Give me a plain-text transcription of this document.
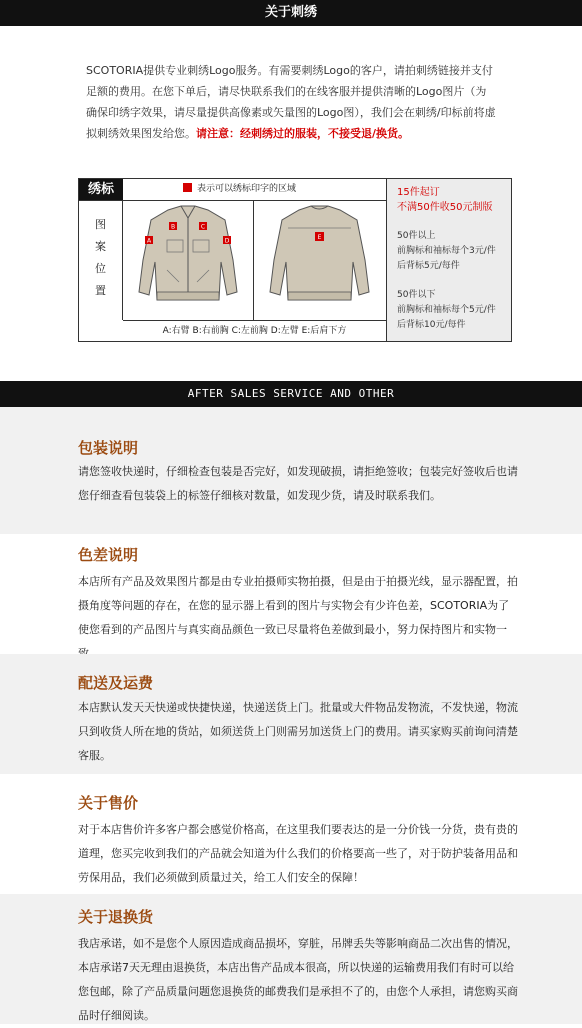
关于刺绣
SCOTORIA提供专业刺绣Logo服务。有需要刺绣Logo的客户，请拍刺绣链接并支付足额的费用。在您下单后，请尽快联系我们的在线客服并提供清晰的Logo图片（为确保印绣字效果，请尽量提供高像素或矢量图的Logo图），我们会在刺绣/印标前将虚拟刺绣效果图发给您。请注意：经刺绣过的服装，不接受退/换货。
绣标	表示可以绣标印字的区域
图
案
位
置
A
B	C
D	E
A:右臂 B:右前胸 C:左前胸 D:左臂 E:后肩下方
15件起订
不满50件收50元制版
50件以上
前胸标和袖标每个3元/件
后背标5元/每件
50件以下
前胸标和袖标每个5元/件
后背标10元/每件
AFTER SALES SERVICE AND OTHER
包装说明
请您签收快递时，仔细检查包装是否完好，如发现破损，请拒绝签收；包装完好签收后也请您仔细查看包装袋上的标签仔细核对数量，如发现少货，请及时联系我们。
色差说明
本店所有产品及效果图片都是由专业拍摄师实物拍摄，但是由于拍摄光线，显示器配置，拍摄角度等问题的存在，在您的显示器上看到的图片与实物会有少许色差，SCOTORIA为了使您看到的产品图片与真实商品颜色一致已尽量将色差做到最小，努力保持图片和实物一
配送及运费
本店默认发天天快递或快捷快递，快递送货上门。批量或大件物品发物流，不发快递，物流只到收货人所在地的货站，如须送货上门则需另加送货上门的费用。请买家购买前询问清楚客服。
关于售价
对于本店售价许多客户都会感觉价格高，在这里我们要表达的是一分价钱一分货，贵有贵的道理，您买完收到我们的产品就会知道为什么我们的价格要高一些了，对于防护装备用品和劳保用品，我们必须做到质量过关，给工人们安全的保障！
关于退换货
我店承诺，如不是您个人原因造成商品损坏，穿脏，吊牌丢失等影响商品二次出售的情况，本店承诺7天无理由退换货，本店出售产品成本很高，所以快递的运输费用我们有时可以给您包邮，除了产品质量问题您退换货的邮费我们是承担不了的，由您个人承担，请您购买商品时仔细阅读。
